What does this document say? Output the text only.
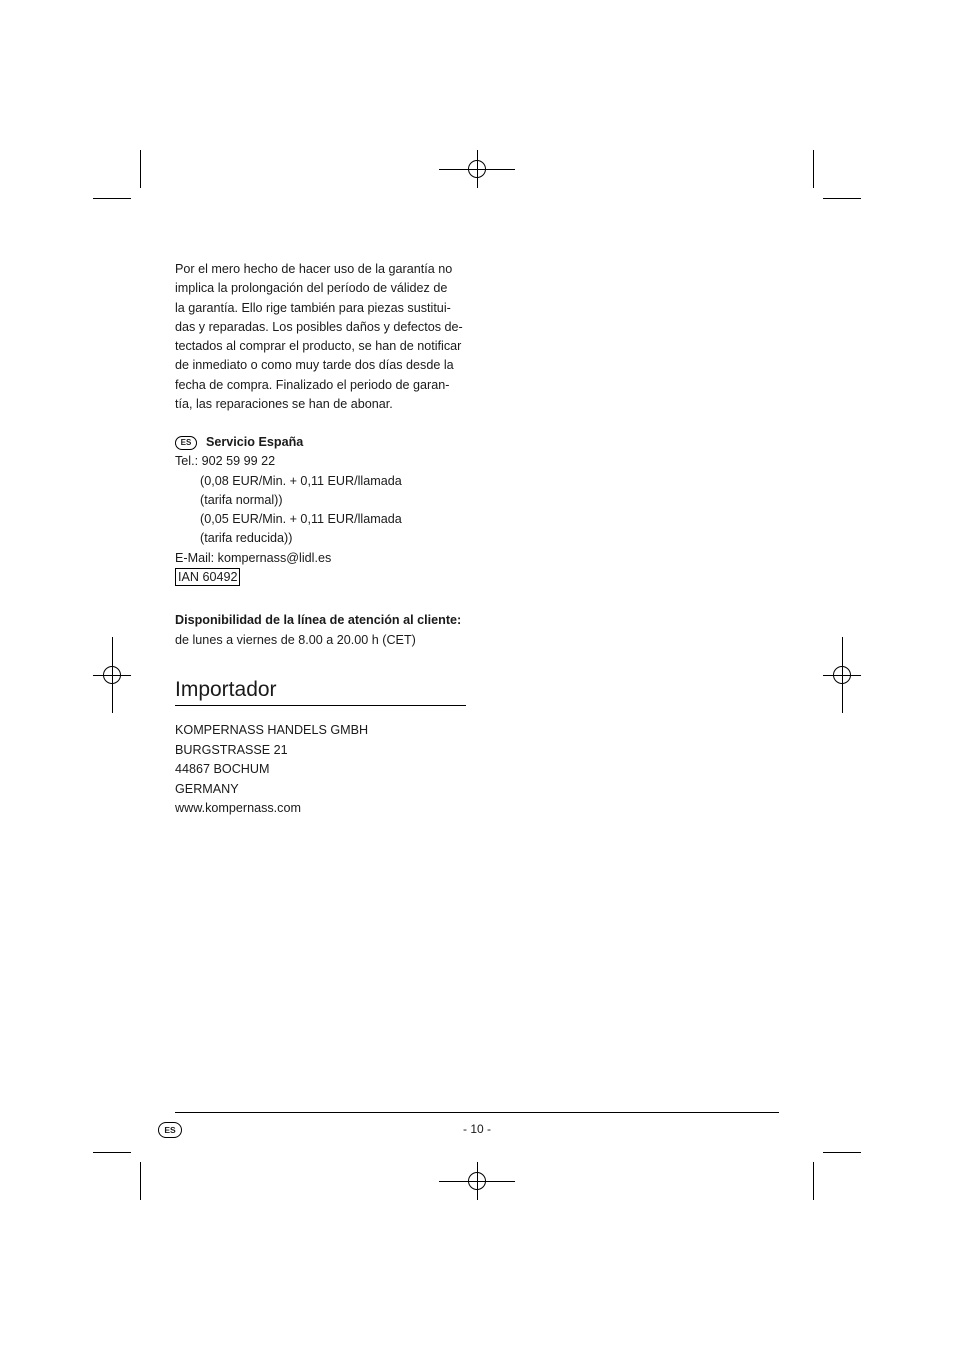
Por el mero hecho de hacer uso de la garantía no
implica la prolongación del período de válidez de
la garantía. Ello rige también para piezas sustitui-
das y reparadas. Los posibles daños y defectos de-
tectados al comprar el producto, se han de notificar
de inmediato o como muy tarde dos días desde la
fecha de compra. Finalizado el periodo de garan-
tía, las reparaciones se han de abonar.
ES Servicio España
Tel.: 902 59 99 22
(0,08 EUR/Min. + 0,11 EUR/llamada
(tarifa normal))
(0,05 EUR/Min. + 0,11 EUR/llamada
(tarifa reducida))
E-Mail: kompernass@lidl.es
IAN 60492
Disponibilidad de la línea de atención al cliente:
de lunes a viernes de 8.00 a 20.00 h (CET)
Importador
KOMPERNASS HANDELS GMBH
BURGSTRASSE 21
44867 BOCHUM
GERMANY
www.kompernass.com
ES	- 10 -
